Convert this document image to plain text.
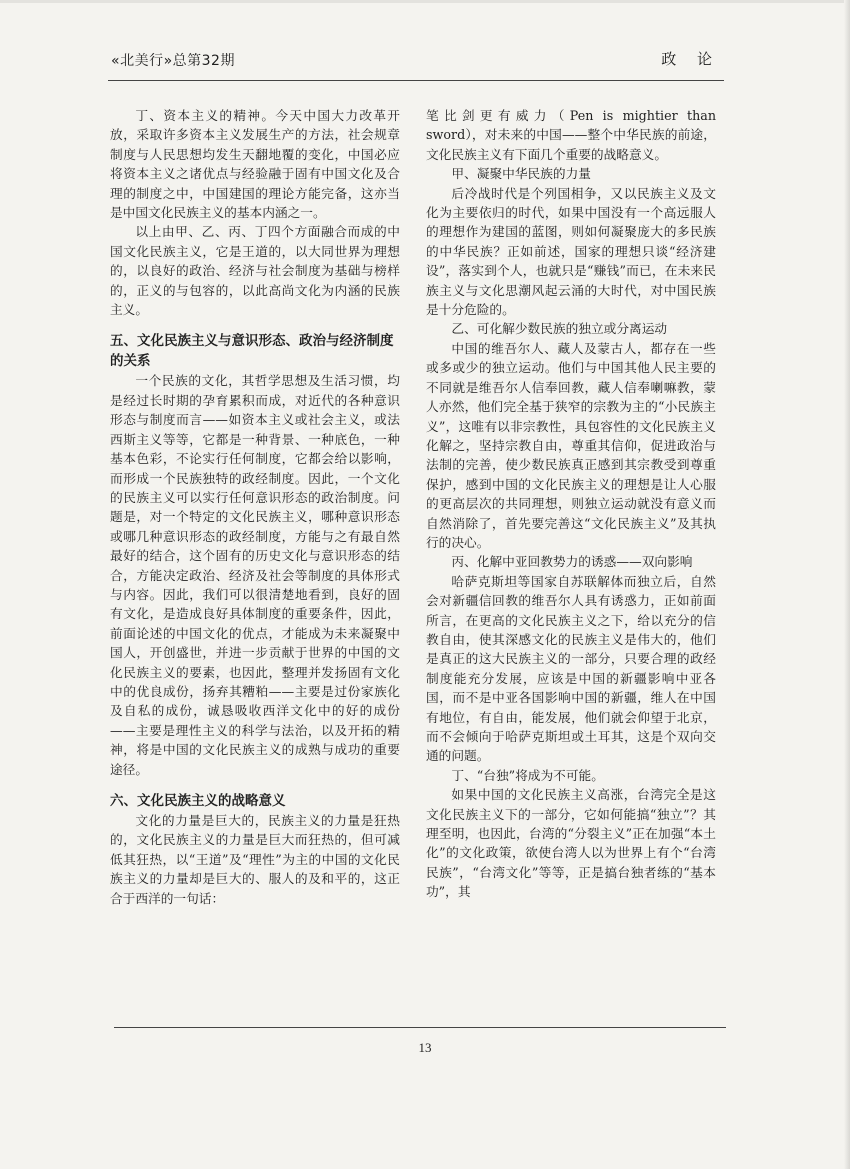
«北美行»总第32期	政 论

丁、资本主义的精神。今天中国大力改革开放，采取许多资本主义发展生产的方法，社会规章制度与人民思想均发生天翻地覆的变化，中国必应将资本主义之诸优点与经验融于固有中国文化及合理的制度之中，中国建国的理论方能完备，这亦当是中国文化民族主义的基本内涵之一。

以上由甲、乙、丙、丁四个方面融合而成的中国文化民族主义，它是王道的，以大同世界为理想的，以良好的政治、经济与社会制度为基础与榜样的，正义的与包容的，以此高尚文化为内涵的民族主义。

五、文化民族主义与意识形态、政治与经济制度的关系

一个民族的文化，其哲学思想及生活习惯，均是经过长时期的孕育累积而成，对近代的各种意识形态与制度而言——如资本主义或社会主义，或法西斯主义等等，它都是一种背景、一种底色，一种基本色彩，不论实行任何制度，它都会给以影响，而形成一个民族独特的政经制度。因此，一个文化的民族主义可以实行任何意识形态的政治制度。问题是，对一个特定的文化民族主义，哪种意识形态或哪几种意识形态的政经制度，方能与之有最自然最好的结合，这个固有的历史文化与意识形态的结合，方能决定政治、经济及社会等制度的具体形式与内容。因此，我们可以很清楚地看到，良好的固有文化，是造成良好具体制度的重要条件，因此，前面论述的中国文化的优点，才能成为未来凝聚中国人，开创盛世，并进一步贡献于世界的中国的文化民族主义的要素，也因此，整理并发扬固有文化中的优良成份，扬弃其糟粕——主要是过份家族化及自私的成份，诚恳吸收西洋文化中的好的成份——主要是理性主义的科学与法治，以及开拓的精神，将是中国的文化民族主义的成熟与成功的重要途径。

六、文化民族主义的战略意义

文化的力量是巨大的，民族主义的力量是狂热的，文化民族主义的力量是巨大而狂热的，但可减低其狂热，以“王道”及“理性”为主的中国的文化民族主义的力量却是巨大的、服人的及和平的，这正合于西洋的一句话：

笔比剑更有威力（Pen is mightier than sword），对未来的中国——整个中华民族的前途，文化民族主义有下面几个重要的战略意义。

甲、凝聚中华民族的力量

后冷战时代是个列国相争，又以民族主义及文化为主要依归的时代，如果中国没有一个高远服人的理想作为建国的蓝图，则如何凝聚庞大的多民族的中华民族？正如前述，国家的理想只谈“经济建设”，落实到个人，也就只是“赚钱”而已，在未来民族主义与文化思潮风起云涌的大时代，对中国民族是十分危险的。

乙、可化解少数民族的独立或分离运动

中国的维吾尔人、藏人及蒙古人，都存在一些或多或少的独立运动。他们与中国其他人民主要的不同就是维吾尔人信奉回教，藏人信奉喇嘛教，蒙人亦然，他们完全基于狭窄的宗教为主的“小民族主义”，这唯有以非宗教性，具包容性的文化民族主义化解之，坚持宗教自由，尊重其信仰，促进政治与法制的完善，使少数民族真正感到其宗教受到尊重保护，感到中国的文化民族主义的理想是让人心服的更高层次的共同理想，则独立运动就没有意义而自然消除了，首先要完善这“文化民族主义”及其执行的决心。

丙、化解中亚回教势力的诱惑——双向影响

哈萨克斯坦等国家自苏联解体而独立后，自然会对新疆信回教的维吾尔人具有诱惑力，正如前面所言，在更高的文化民族主义之下，给以充分的信教自由，使其深感文化的民族主义是伟大的，他们是真正的这大民族主义的一部分，只要合理的政经制度能充分发展，应该是中国的新疆影响中亚各国，而不是中亚各国影响中国的新疆，维人在中国有地位，有自由，能发展，他们就会仰望于北京，而不会倾向于哈萨克斯坦或土耳其，这是个双向交通的问题。

丁、“台独”将成为不可能。

如果中国的文化民族主义高涨，台湾完全是这文化民族主义下的一部分，它如何能搞“独立”？其理至明，也因此，台湾的“分裂主义”正在加强“本土化”的文化政策，欲使台湾人以为世界上有个“台湾民族”，“台湾文化”等等，正是搞台独者练的“基本功”，其

13
